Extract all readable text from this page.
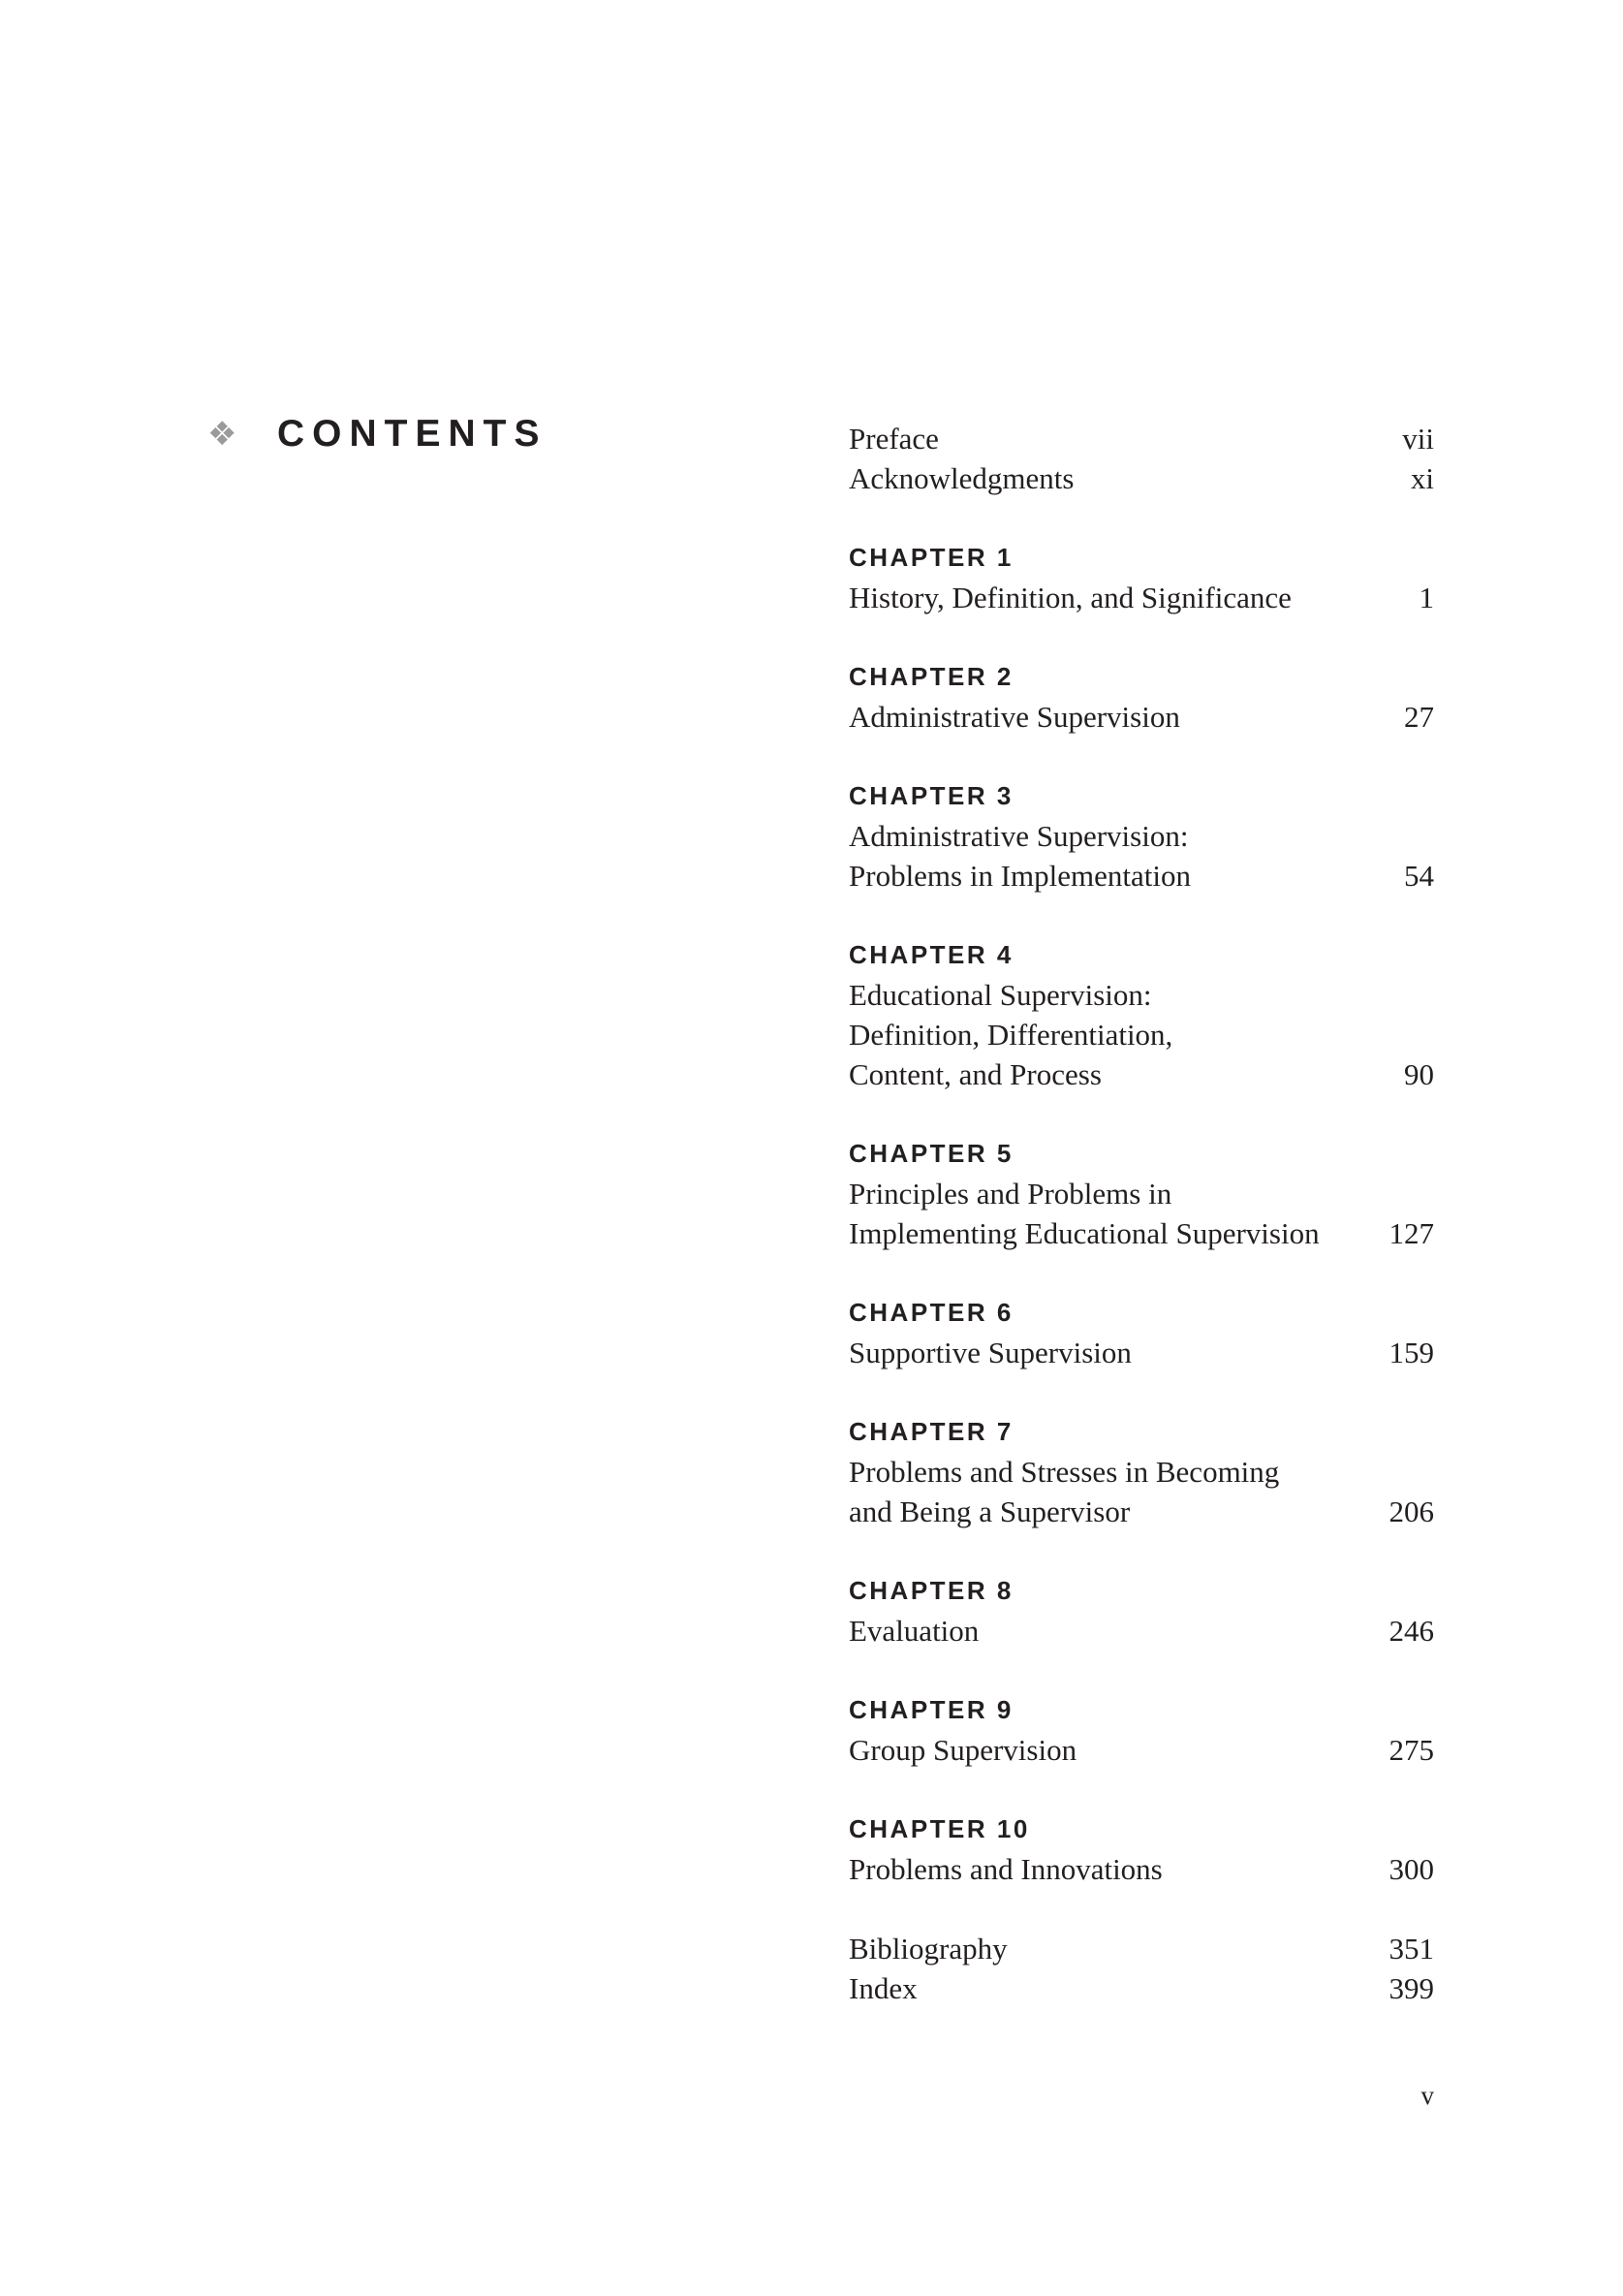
❖	CONTENTS	Preface	vii
Acknowledgments	xi
CHAPTER 1
History, Definition, and Significance	1
CHAPTER 2
Administrative Supervision	27
CHAPTER 3
Administrative Supervision:
Problems in Implementation	54
CHAPTER 4
Educational Supervision:
Definition, Differentiation,
Content, and Process	90
CHAPTER 5
Principles and Problems in
Implementing Educational Supervision 127
CHAPTER 6
Supportive Supervision	159
CHAPTER 7
Problems and Stresses in Becoming
and Being a Supervisor	206
CHAPTER 8
Evaluation	246
CHAPTER 9
Group Supervision	275
CHAPTER 10
Problems and Innovations	300
Bibliography	351
Index	399
v
